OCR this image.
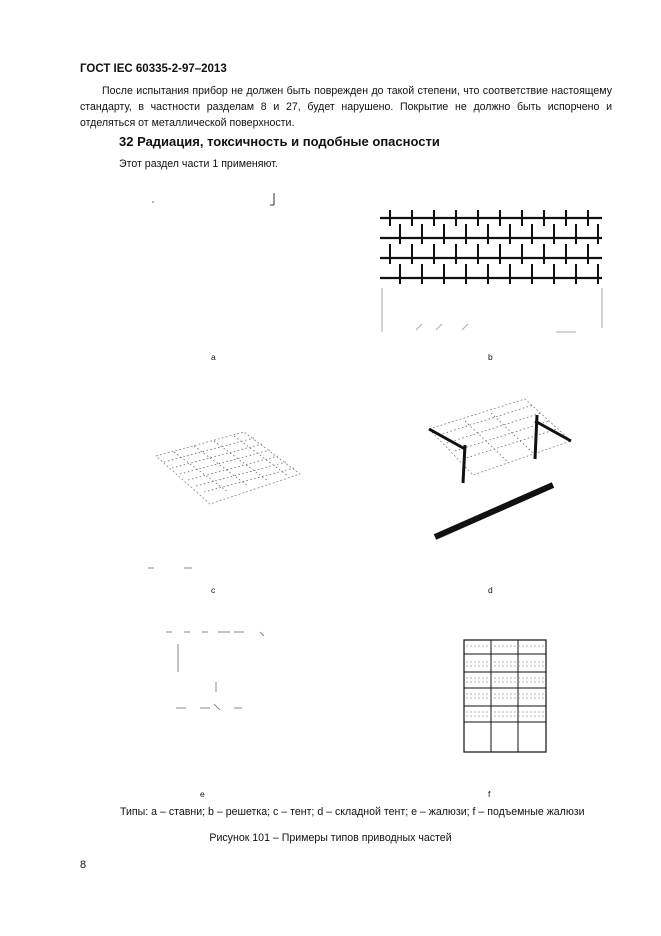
ГОСТ IEC 60335-2-97–2013
После испытания прибор не должен быть поврежден до такой степени, что соответствие настоящему стандарту, в частности разделам 8 и 27, будет нарушено. Покрытие не должно быть испорчено и отделяться от металлической поверхности.
32 Радиация, токсичность и подобные опасности
Этот раздел части 1 применяют.
a	b
c	d
e	f
Типы: a – ставни; b – решетка; c – тент; d – складной тент; e – жалюзи; f – подъемные жалюзи
Рисунок 101 – Примеры типов приводных частей
8
